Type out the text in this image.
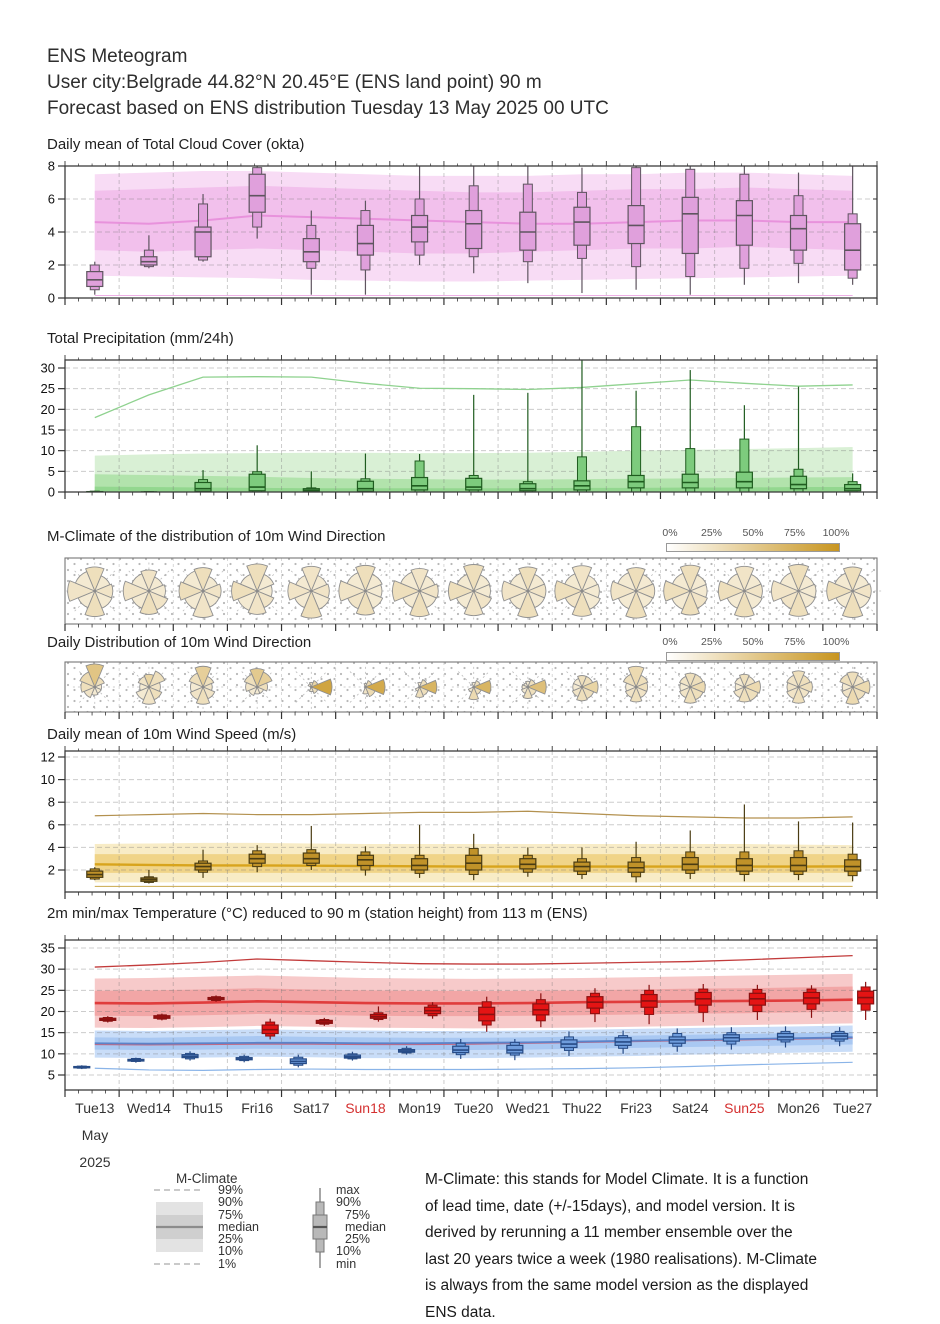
ENS Meteogram
User city:Belgrade 44.82°N 20.45°E (ENS land point) 90 m
Forecast based on ENS distribution Tuesday 13 May 2025 00 UTC
Daily mean of Total Cloud Cover (okta)
0
2
4
6
8
Total Precipitation (mm/24h)
0
5
10
15
20
25
30
M-Climate of the distribution of 10m Wind Direction	0% 25% 50% 75% 100%
Daily Distribution of 10m Wind Direction	0% 25% 50% 75% 100%
Daily mean of 10m Wind Speed (m/s)
2
4
6
8
10
12
2m min/max Temperature (°C) reduced to 90 m (station height) from 113 m (ENS)
5
10
15
20
25
30
35
Tue13 Wed14 Thu15	Fri16	Sat17	Sun18 Mon19 Tue20 Wed21 Thu22	Fri23	Sat24	Sun25 Mon26 Tue27
May
2025
M-Climate
99%
90%
75%
median
25%
10%
1%
max
90%
75%
median
25%
10%
min
M-Climate: this stands for Model Climate. It is a function of lead time, date (+/-15days), and model version. It is derived by rerunning a 11 member ensemble over the last 20 years twice a week (1980 realisations). M-Climate is always from the same model version as the displayed ENS data.
